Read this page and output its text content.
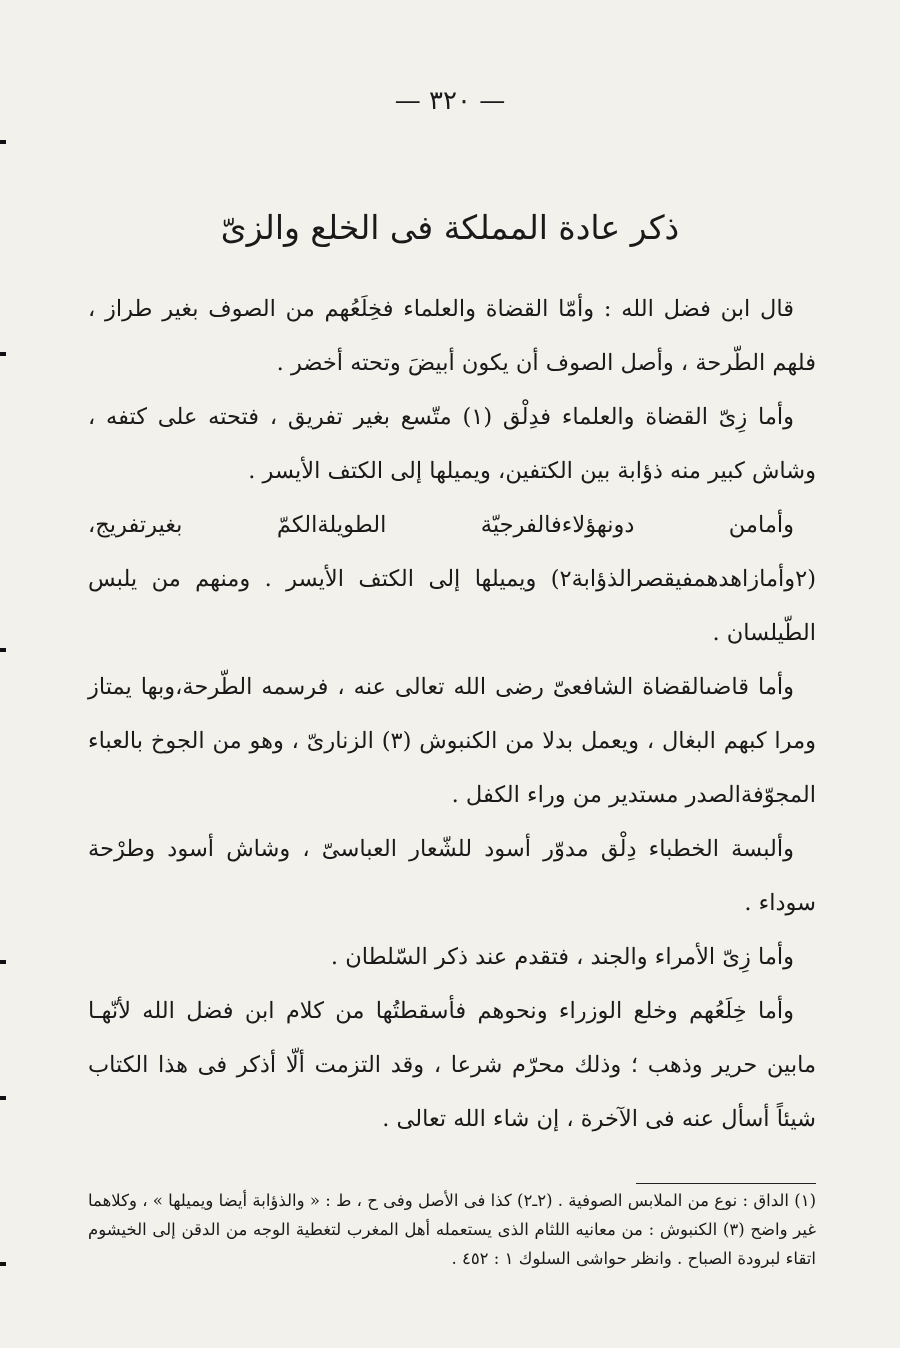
— ٣٢٠ —
ذكر عادة المملكة فى الخلع والزىّ

قال ابن فضل الله : وأمّا القضاة والعلماء فخِلَعُهم من الصوف بغير طراز ، فلهم الطّرحة ، وأصل الصوف أن يكون أبيضَ وتحته أخضر .

وأما زِىّ القضاة والعلماء فدِلْق (١) متّسع بغير تفريق ، فتحته على كتفه ، وشاش كبير منه ذؤابة بين الكتفين، ويميلها إلى الكتف الأيسر .

وأمامن دونهؤلاءفالفرجيّة الطويلةالكمّ بغيرتفريج، (٢وأمازاهدهمفيقصرالذؤابة٢) ويميلها إلى الكتف الأيسر . ومنهم من يلبس الطّيلسان .

وأما قاضىالقضاة الشافعىّ رضى الله تعالى عنه ، فرسمه الطّرحة،وبها يمتاز ومرا كبهم البغال ، ويعمل بدلا من الكنبوش (٣) الزنارىّ ، وهو من الجوخ بالعباء المجوّفةالصدر مستدير من وراء الكفل .

وألبسة الخطباء دِلْق مدوّر أسود للشّعار العباسىّ ، وشاش أسود وطرْحة سوداء .

وأما زِىّ الأمراء والجند ، فتقدم عند ذكر السّلطان .

وأما خِلَعُهم وخلع الوزراء ونحوهم فأسقطتُها من كلام ابن فضل الله لأنّهـا مابين حرير وذهب ؛ وذلك محرّم شرعا ، وقد التزمت ألّا أذكر فى هذا الكتاب شيئاً أسأل عنه فى الآخرة ، إن شاء الله تعالى .

(١) الداق : نوع من الملابس الصوفية . (٢ـ٢) كذا فى الأصل وفى ح ، ط : « والذؤابة أيضا ويميلها » ، وكلاهما غير واضح (٣) الكنبوش : من معانيه اللثام الذى يستعمله أهل المغرب لتغطية الوجه من الدقن إلى الخيشوم اتقاء لبرودة الصباح . وانظر حواشى السلوك ١ : ٤٥٢ .
